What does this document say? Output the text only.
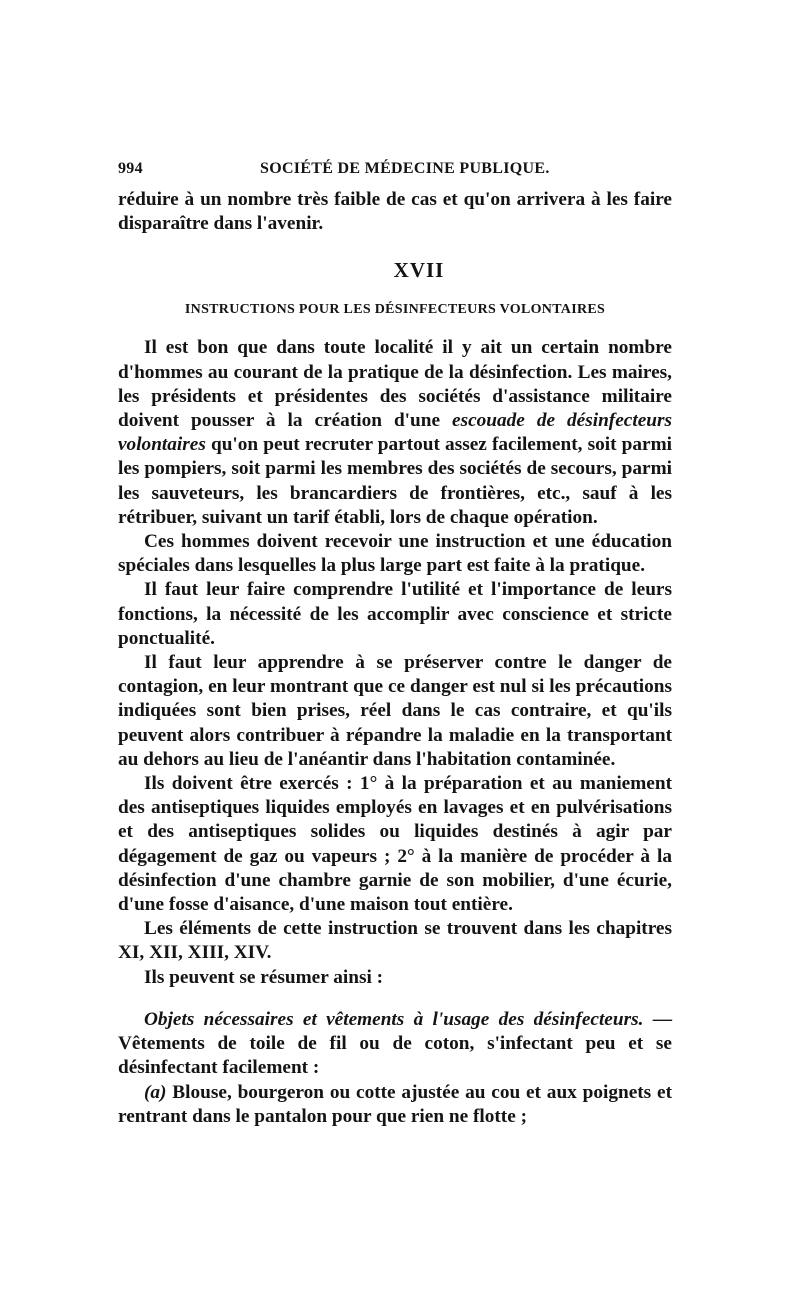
994	SOCIÉTÉ DE MÉDECINE PUBLIQUE.

réduire à un nombre très faible de cas et qu'on arrivera à les faire disparaître dans l'avenir.

XVII
INSTRUCTIONS POUR LES DÉSINFECTEURS VOLONTAIRES

Il est bon que dans toute localité il y ait un certain nombre d'hommes au courant de la pratique de la désinfection. Les maires, les présidents et présidentes des sociétés d'assistance militaire doivent pousser à la création d'une escouade de désinfecteurs volontaires qu'on peut recruter partout assez facilement, soit parmi les pompiers, soit parmi les membres des sociétés de secours, parmi les sauveteurs, les brancardiers de frontières, etc., sauf à les rétribuer, suivant un tarif établi, lors de chaque opération.

Ces hommes doivent recevoir une instruction et une éducation spéciales dans lesquelles la plus large part est faite à la pratique.

Il faut leur faire comprendre l'utilité et l'importance de leurs fonctions, la nécessité de les accomplir avec conscience et stricte ponctualité.

Il faut leur apprendre à se préserver contre le danger de contagion, en leur montrant que ce danger est nul si les précautions indiquées sont bien prises, réel dans le cas contraire, et qu'ils peuvent alors contribuer à répandre la maladie en la transportant au dehors au lieu de l'anéantir dans l'habitation contaminée.

Ils doivent être exercés : 1° à la préparation et au maniement des antiseptiques liquides employés en lavages et en pulvérisations et des antiseptiques solides ou liquides destinés à agir par dégagement de gaz ou vapeurs ; 2° à la manière de procéder à la désinfection d'une chambre garnie de son mobilier, d'une écurie, d'une fosse d'aisance, d'une maison tout entière.

Les éléments de cette instruction se trouvent dans les chapitres XI, XII, XIII, XIV.

Ils peuvent se résumer ainsi :

Objets nécessaires et vêtements à l'usage des désinfecteurs. — Vêtements de toile de fil ou de coton, s'infectant peu et se désinfectant facilement :

(a) Blouse, bourgeron ou cotte ajustée au cou et aux poignets et rentrant dans le pantalon pour que rien ne flotte ;
